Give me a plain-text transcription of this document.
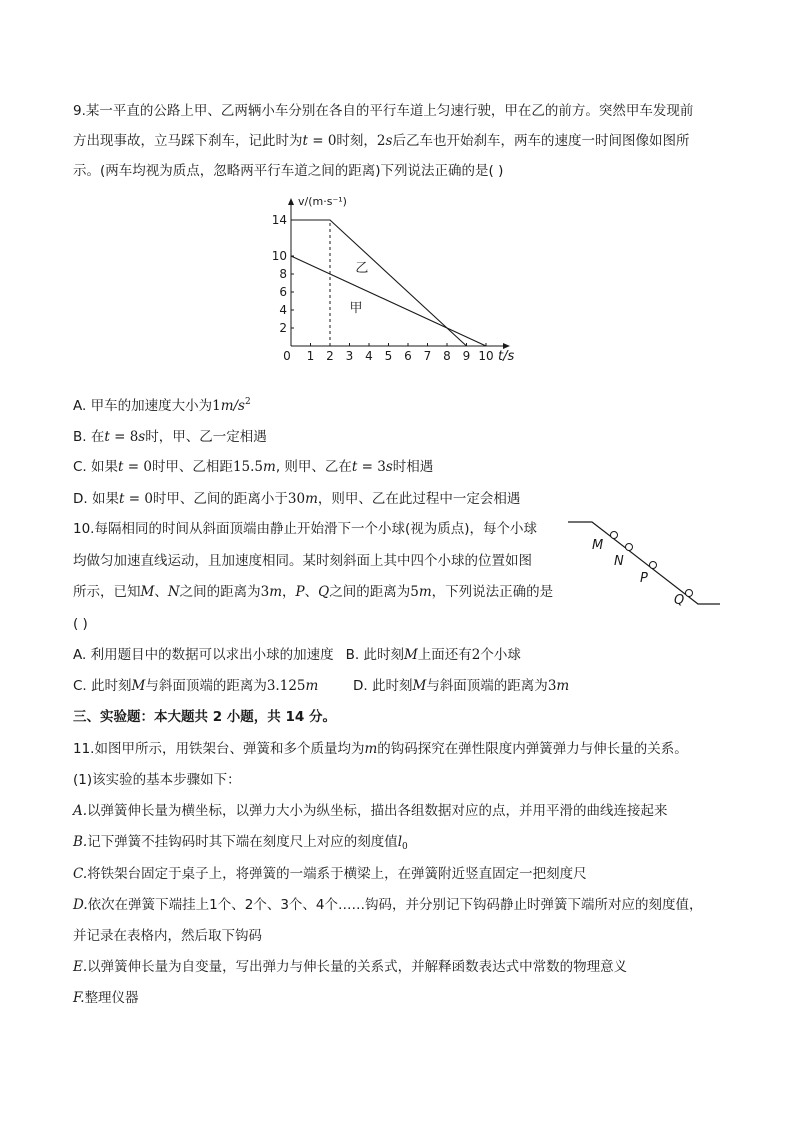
9.某一平直的公路上甲、乙两辆小车分别在各自的平行车道上匀速行驶，甲在乙的前方。突然甲车发现前
方出现事故，立马踩下刹车，记此时为t = 0时刻，2s后乙车也开始刹车，两车的速度一时间图像如图所
示。(两车均视为质点，忽略两平行车道之间的距离)下列说法正确的是( )
0 1 2 3 4 5 6 7 8 9 10
2
4
6
8
10
14
乙
甲
v/(m·s⁻¹)
t/s
A. 甲车的加速度大小为$1m/s^2$
B. 在t = 8s时，甲、乙一定相遇
C. 如果t = 0时甲、乙相距15.5m, 则甲、乙在t = 3s时相遇
D. 如果t = 0时甲、乙间的距离小于30m，则甲、乙在此过程中一定会相遇
10.每隔相同的时间从斜面顶端由静止开始滑下一个小球(视为质点)，每个小球
均做匀加速直线运动，且加速度相同。某时刻斜面上其中四个小球的位置如图
所示，已知M、N之间的距离为3m，P、Q之间的距离为5m，下列说法正确的是
( )
M
N
P
Q
A. 利用题目中的数据可以求出小球的加速度 B. 此时刻M上面还有2个小球
C. 此时刻M与斜面顶端的距离为3.125m	D. 此时刻M与斜面顶端的距离为3m
三、实验题：本大题共 2 小题，共 14 分。
11.如图甲所示，用铁架台、弹簧和多个质量均为m的钩码探究在弹性限度内弹簧弹力与伸长量的关系。
(1)该实验的基本步骤如下：
A.以弹簧伸长量为横坐标，以弹力大小为纵坐标，描出各组数据对应的点，并用平滑的曲线连接起来
B.记下弹簧不挂钩码时其下端在刻度尺上对应的刻度值$l_0$
C.将铁架台固定于桌子上，将弹簧的一端系于横梁上，在弹簧附近竖直固定一把刻度尺
D.依次在弹簧下端挂上1个、2个、3个、4个……钩码，并分别记下钩码静止时弹簧下端所对应的刻度值，
并记录在表格内，然后取下钩码
E.以弹簧伸长量为自变量，写出弹力与伸长量的关系式，并解释函数表达式中常数的物理意义
F.整理仪器
